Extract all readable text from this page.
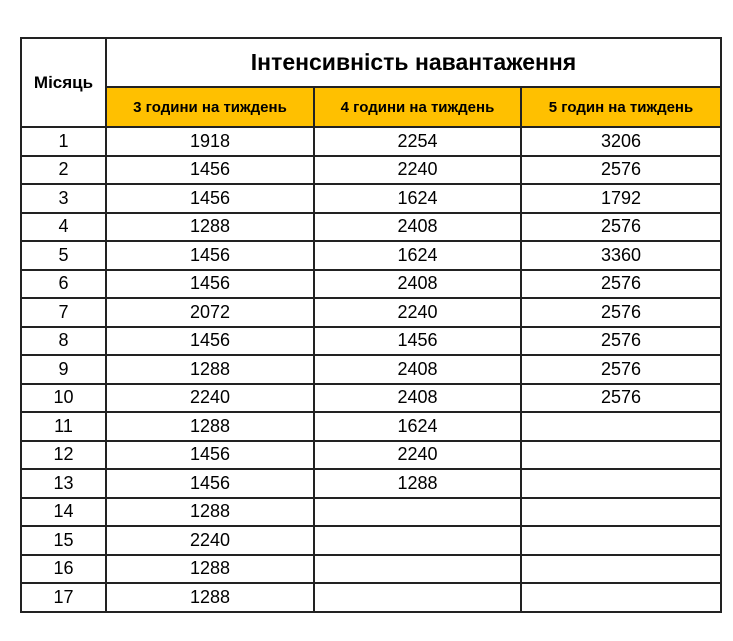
Місяць	Інтенсивність навантаження		
	3 години на тиждень	4 години на тиждень	5 годин на тиждень
1	1918	2254	3206
2	1456	2240	2576
3	1456	1624	1792
4	1288	2408	2576
5	1456	1624	3360
6	1456	2408	2576
7	2072	2240	2576
8	1456	1456	2576
9	1288	2408	2576
10	2240	2408	2576
11	1288	1624	
12	1456	2240	
13	1456	1288	
14	1288		
15	2240		
16	1288		
17	1288		
